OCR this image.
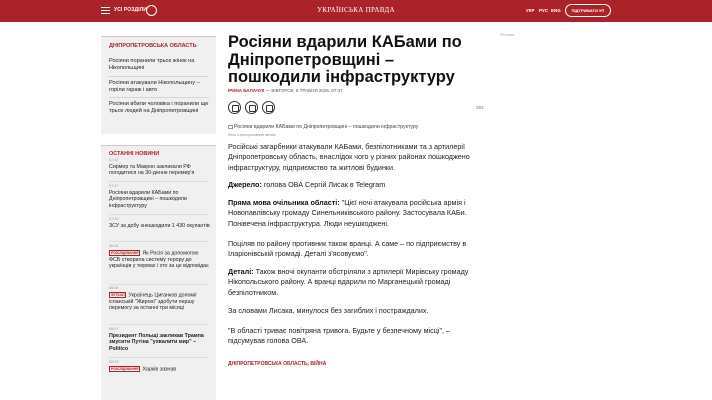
УСІ РОЗДІЛИ	УКРАЇНСЬКА ПРАВДА	УКР РУС ENG	ПІДТРИМАТИ УП
ДНІПРОПЕТРОВСЬКА ОБЛАСТЬ
Росіяни поранили трьох жінок на Нікопольщині
Росіяни атакували Нікопольщину – горіли гараж і авто
Росіяни вбили чоловіка і поранили ще трьох людей на Дніпропетровщині
ОСТАННІ НОВИНИ
07:49
Сирмер та Макрон закликали РФ погодитися на 30-денне перемир'я
07:47
Росіяни вдарили КАБами по Дніпропетровщині – пошкодили інфраструктуру
07:20
ЗСУ за добу знешкодили 1 430 окупантів
06:44
РОЗСЛІДУВАННЯ Як Росія за допомогою ФСБ створила систему терору до українців у тюрмах і хто за це відповідає
06:26
ФУТБОЛ Українець Циганков допоміг іспанській "Жироні" здобути першу перемогу за останні три місяці
06:07
Президент Польщі закликав Трампа змусити Путіна "ухвалити мир" – Politico
06:03
РОЗСЛІДУВАННЯ Харків зазнав
Росіяни вдарили КАБами по Дніпропетровщині – пошкодили інфраструктуру
ІРИНА БАЛАЧУК — ВІВТОРОК, 6 ТРАВНЯ 2025, 07:47
383
Росіяни вдарили КАБами по Дніпропетровщині – пошкодили інфраструктуру
Фото з ілюстративною метою

Російські загарбники атакували КАБами, безпілотниками та з артилерії Дніпропетровську область, внаслідок чого у різних районах пошкоджено інфраструктуру, підприємство та житлові будинки.

Джерело: голова ОВА Сергій Лисак в Telegram

Пряма мова очільника області: "Цієї ночі атакувала російська армія і Новопавлівську громаду Синельниківського району. Застосувала КАБи. Понівечена інфраструктура. Люди неушкоджені.

Поціляв по району противник також вранці. А саме – по підприємству в Іларіонівській громаді. Деталі з'ясовуємо".

Деталі: Також вночі окупанти обстріляли з артилерії Мирівську громаду Нікопольського району. А вранці вдарили по Марганецькій громаді безпілотником.

За словами Лисака, минулося без загиблих і постраждалих.

"В області триває повітряна тривога. Будьте у безпечному місці", – підсумував голова ОВА.

ДНІПРОПЕТРОВСЬКА ОБЛАСТЬ, ВІЙНА
Реклама
